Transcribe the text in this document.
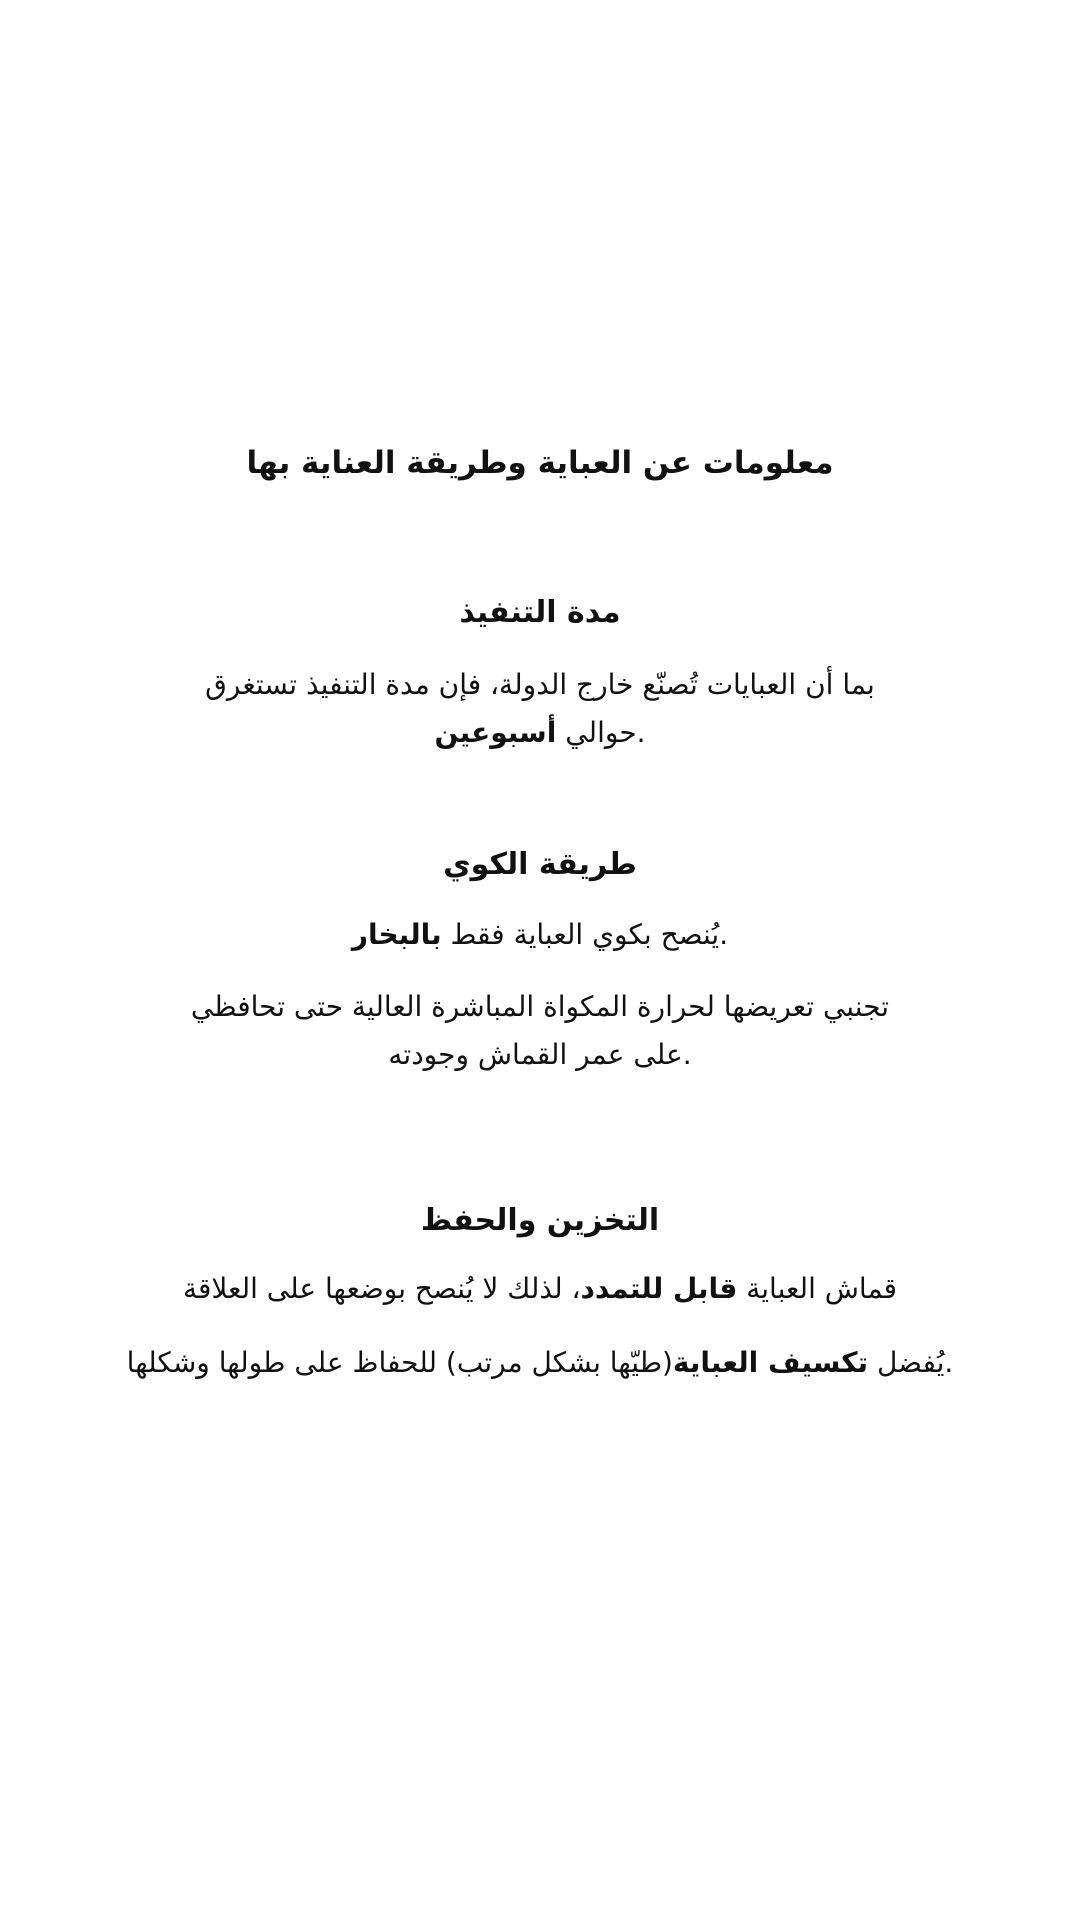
معلومات عن العباية وطريقة العناية بها
مدة التنفيذ

بما أن العبايات تُصنّع خارج الدولة، فإن مدة التنفيذ تستغرق
حوالي أسبوعين	.

طريقة الكوي

يُنصح بكوي العباية فقط بالبخار	.

تجنبي تعريضها لحرارة المكواة المباشرة العالية حتى تحافظي
على عمر القماش وجودته.

التخزين والحفظ

قماش العباية قابل للتمدد، لذلك لا يُنصح بوضعها على العلاقة

يُفضل تكسيف العباية(طيّها بشكل مرتب) للحفاظ على طولها وشكلها.
